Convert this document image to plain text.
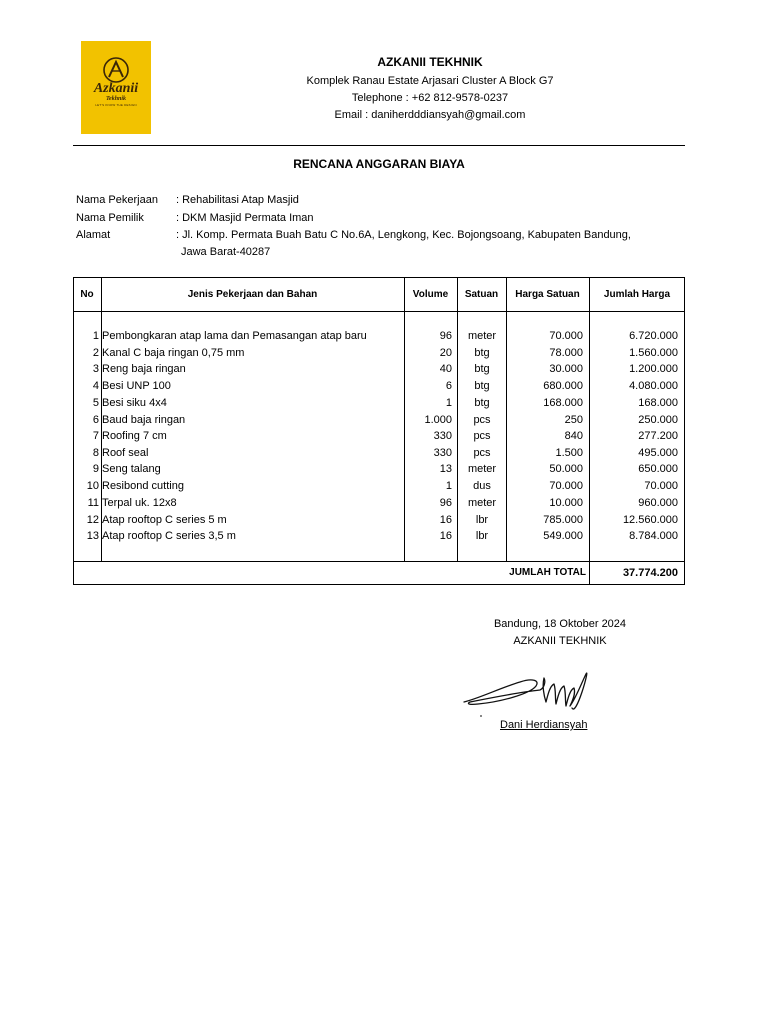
Azkanii
Tekhnik
LET'S KNOW THE DESIGN
AZKANII TEKHNIK
Komplek Ranau Estate Arjasari Cluster A Block G7
Telephone : +62 812-9578-0237
Email : daniherdddiansyah@gmail.com
RENCANA ANGGARAN BIAYA
Nama Pekerjaan : Rehabilitasi Atap Masjid
Nama Pemilik	: DKM Masjid Permata Iman
Alamat	: Jl. Komp. Permata Buah Batu C No.6A, Lengkong, Kec. Bojongsoang, Kabupaten Bandung,
Jawa Barat-40287
No	Jenis Pekerjaan dan Bahan	Volume	Satuan	Harga Satuan	Jumlah Harga
1 Pembongkaran atap lama dan Pemasangan atap baru	96	meter	70.000	6.720.000
2 Kanal C baja ringan 0,75 mm	20	btg	78.000	1.560.000
3 Reng baja ringan	40	btg	30.000	1.200.000
4 Besi UNP 100	6	btg	680.000	4.080.000
5 Besi siku 4x4	1	btg	168.000	168.000
6 Baud baja ringan	1.000	pcs	250	250.000
7 Roofing 7 cm	330	pcs	840	277.200
8 Roof seal	330	pcs	1.500	495.000
9 Seng talang	13	meter	50.000	650.000
10 Resibond cutting	1	dus	70.000	70.000
11 Terpal uk. 12x8	96	meter	10.000	960.000
12 Atap rooftop C series 5 m	16	lbr	785.000	12.560.000
13 Atap rooftop C series 3,5 m	16	lbr	549.000	8.784.000
JUMLAH TOTAL	37.774.200
Bandung, 18 Oktober 2024
AZKANII TEKHNIK
Dani Herdiansyah
